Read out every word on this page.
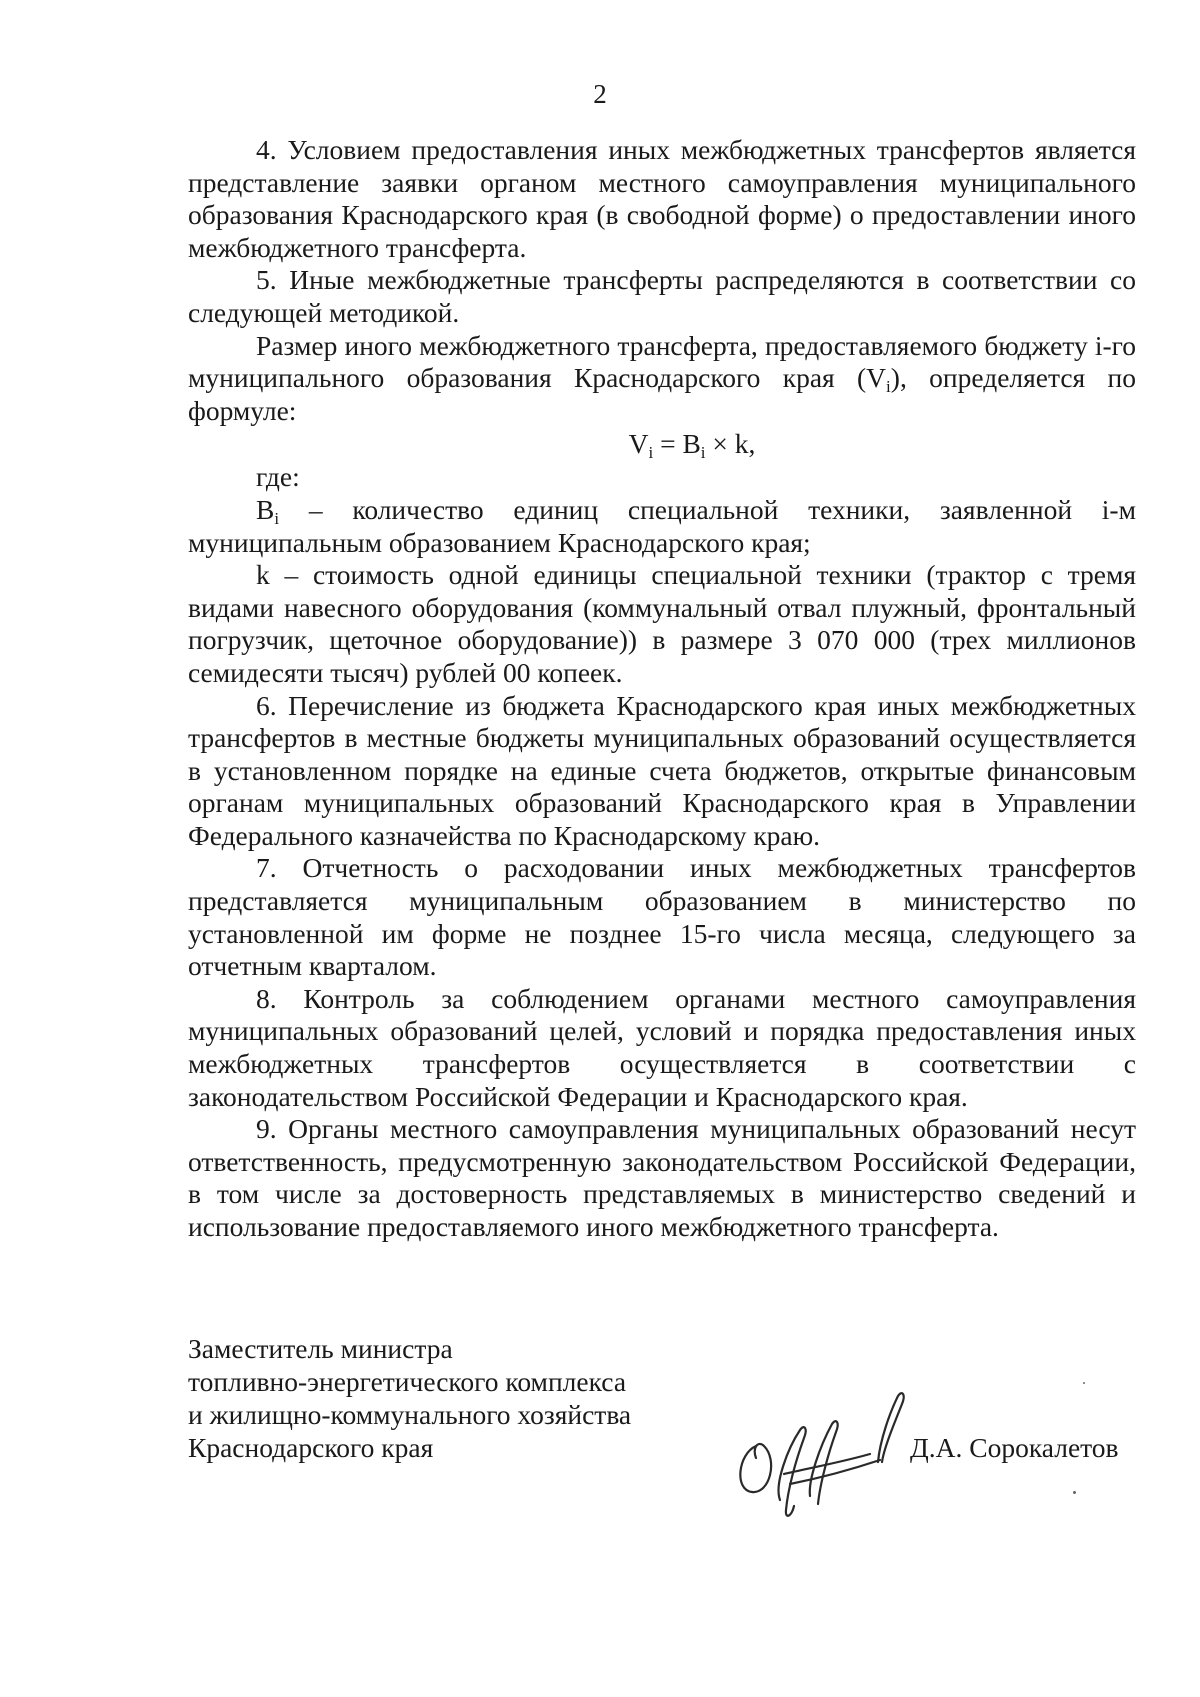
2

4. Условием предоставления иных межбюджетных трансфертов является представление заявки органом местного самоуправления муниципального образования Краснодарского края (в свободной форме) о предоставлении иного межбюджетного трансферта.

5. Иные межбюджетные трансферты распределяются в соответствии со следующей методикой.

Размер иного межбюджетного трансферта, предоставляемого бюджету i-го муниципального образования Краснодарского края $(V_i)$, определяется по формуле:

$V_i = B_i \times k$,

где:

$B_i$ – количество единиц специальной техники, заявленной i-м муниципальным образованием Краснодарского края;

k – стоимость одной единицы специальной техники (трактор с тремя видами навесного оборудования (коммунальный отвал плужный, фронтальный погрузчик, щеточное оборудование)) в размере 3 070 000 (трех миллионов семидесяти тысяч) рублей 00 копеек.

6. Перечисление из бюджета Краснодарского края иных межбюджетных трансфертов в местные бюджеты муниципальных образований осуществляется в установленном порядке на единые счета бюджетов, открытые финансовым органам муниципальных образований Краснодарского края в Управлении Федерального казначейства по Краснодарскому краю.

7. Отчетность о расходовании иных межбюджетных трансфертов представляется муниципальным образованием в министерство по установленной им форме не позднее 15-го числа месяца, следующего за отчетным кварталом.

8. Контроль за соблюдением органами местного самоуправления муниципальных образований целей, условий и порядка предоставления иных межбюджетных трансфертов осуществляется в соответствии с законодательством Российской Федерации и Краснодарского края.

9. Органы местного самоуправления муниципальных образований несут ответственность, предусмотренную законодательством Российской Федерации, в том числе за достоверность представляемых в министерство сведений и использование предоставляемого иного межбюджетного трансферта.

Заместитель министра
топливно-энергетического комплекса
и жилищно-коммунального хозяйства
Краснодарского края	Д.А. Сорокалетов
